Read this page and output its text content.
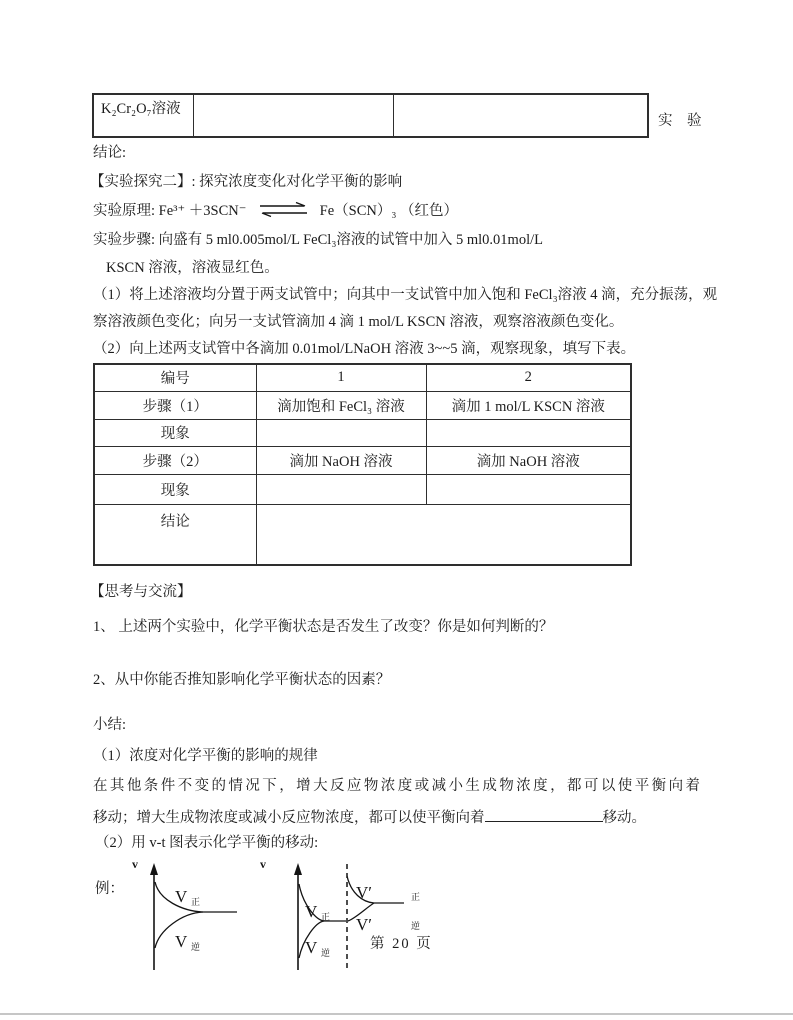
K₂Cr₂O₇溶液		
实　验
结论:
【实验探究二】: 探究浓度变化对化学平衡的影响
实验原理: Fe³⁺ ＋3SCN⁻ ⇌ Fe（SCN）₃ （红色）
实验步骤: 向盛有 5 ml0.005mol/L FeCl₃溶液的试管中加入 5 ml0.01mol/L
KSCN 溶液，溶液显红色。
（1）将上述溶液均分置于两支试管中；向其中一支试管中加入饱和 FeCl₃溶液 4 滴，充分振荡，观
察溶液颜色变化；向另一支试管滴加 4 滴 1 mol/L KSCN 溶液，观察溶液颜色变化。
（2）向上述两支试管中各滴加 0.01mol/LNaOH 溶液 3~~5 滴，观察现象，填写下表。
编号	1	2
步骤（1）	滴加饱和 FeCl₃ 溶液	滴加 1 mol/L KSCN 溶液
现象		
步骤（2）	滴加 NaOH 溶液	滴加 NaOH 溶液
现象		
结论		
【思考与交流】
1、 上述两个实验中，化学平衡状态是否发生了改变？你是如何判断的？
2、从中你能否推知影响化学平衡状态的因素？
小结:
（1）浓度对化学平衡的影响的规律
在其他条件不变的情况下，增大反应物浓度或减小生成物浓度，都可以使平衡向着
移动；增大生成物浓度或减小反应物浓度，都可以使平衡向着	移动。
（2）用 v-t 图表示化学平衡的移动:
例：
v
V 正
V 逆
v
V 正
V 逆
V′	正
V′	逆
第 20 页
